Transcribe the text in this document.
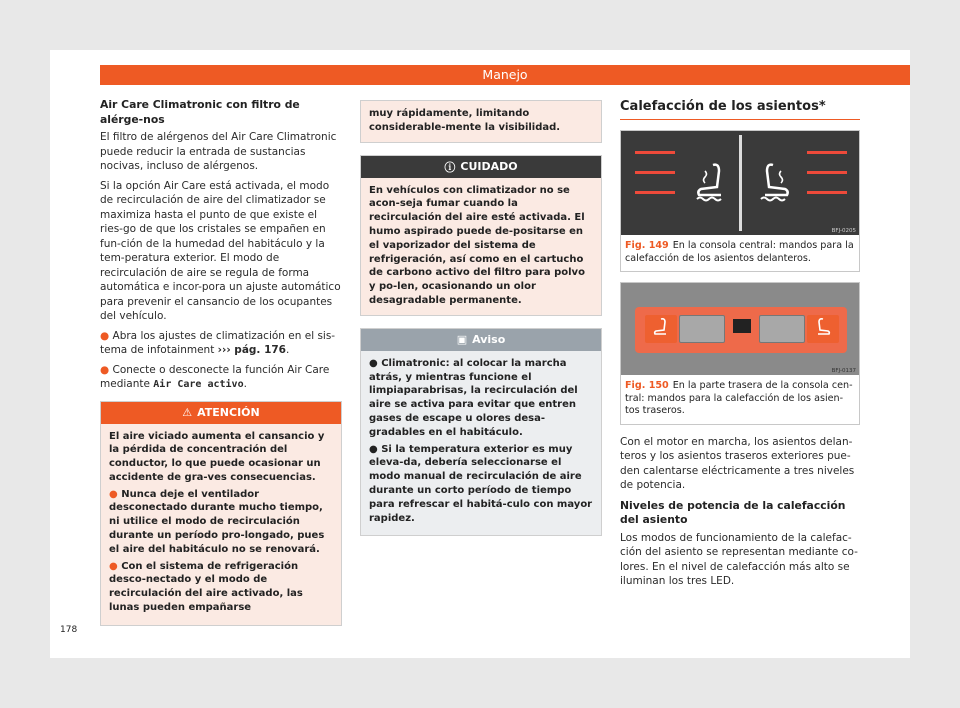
Manejo
Air Care Climatronic con filtro de alérge-nos

El filtro de alérgenos del Air Care Climatronic puede reducir la entrada de sustancias nocivas, incluso de alérgenos.

Si la opción Air Care está activada, el modo de recirculación de aire del climatizador se maximiza hasta el punto de que existe el ries-go de que los cristales se empañen en fun-ción de la humedad del habitáculo y la tem-peratura exterior. El modo de recirculación de aire se regula de forma automática e incor-pora un ajuste automático para prevenir el cansancio de los ocupantes del vehículo.

● Abra los ajustes de climatización en el sis-tema de infotainment ››› pág. 176.

● Conecte o desconecte la función Air Care mediante Air Care activo.

⚠ ATENCIÓN

El aire viciado aumenta el cansancio y la pérdida de concentración del conductor, lo que puede ocasionar un accidente de gra-ves consecuencias.

● Nunca deje el ventilador desconectado durante mucho tiempo, ni utilice el modo de recirculación durante un período pro-longado, pues el aire del habitáculo no se renovará.

● Con el sistema de refrigeración desco-nectado y el modo de recirculación del aire activado, las lunas pueden empañarse

muy rápidamente, limitando considerable-mente la visibilidad.
ⓘ CUIDADO
En vehículos con climatizador no se acon-seja fumar cuando la recirculación del aire esté activada. El humo aspirado puede de-positarse en el vaporizador del sistema de refrigeración, así como en el cartucho de carbono activo del filtro para polvo y po-len, ocasionando un olor desagradable permanente.
▣ Aviso

● Climatronic: al colocar la marcha atrás, y mientras funcione el limpiaparabrisas, la recirculación del aire se activa para evitar que entren gases de escape u olores desa-gradables en el habitáculo.

● Si la temperatura exterior es muy eleva-da, debería seleccionarse el modo manual de recirculación de aire durante un corto período de tiempo para refrescar el habitá-culo con mayor rapidez.

Calefacción de los asientos*
BFJ-0205
Fig. 149 En la consola central: mandos para la calefacción de los asientos delanteros.
BFJ-0137
Fig. 150 En la parte trasera de la consola cen-tral: mandos para la calefacción de los asien-tos traseros.

Con el motor en marcha, los asientos delan-teros y los asientos traseros exteriores pue-den calentarse eléctricamente a tres niveles de potencia.

Niveles de potencia de la calefacción del asiento

Los modos de funcionamiento de la calefac-ción del asiento se representan mediante co-lores. En el nivel de calefacción más alto se iluminan los tres LED.

178
